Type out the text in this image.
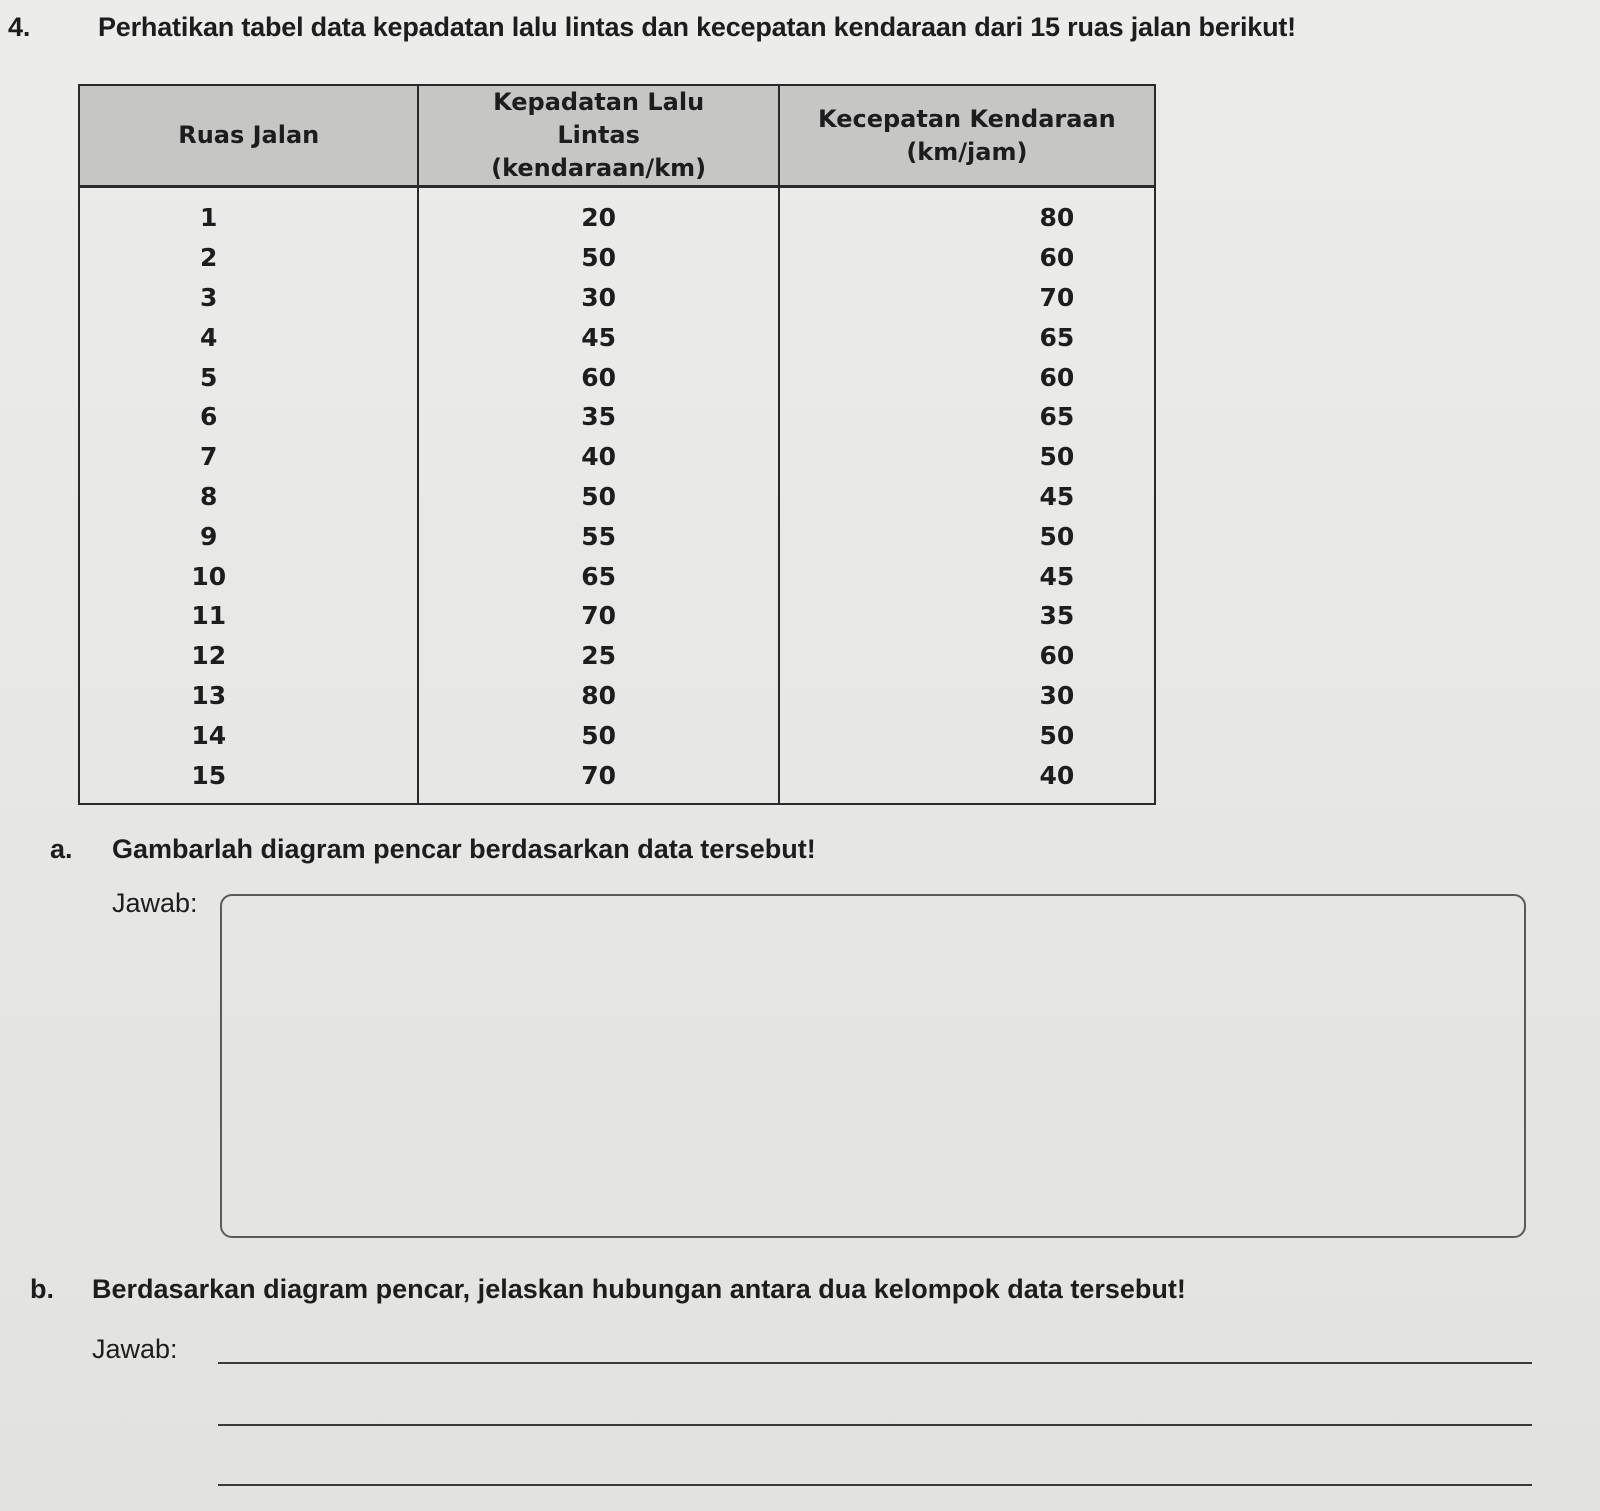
4.	Perhatikan tabel data kepadatan lalu lintas dan kecepatan kendaraan dari 15 ruas jalan berikut!
Ruas Jalan	Kepadatan Lalu Lintas (kendaraan/km)	Kecepatan Kendaraan (km/jam)
1	20	80
2	50	60
3	30	70
4	45	65
5	60	60
6	35	65
7	40	50
8	50	45
9	55	50
10	65	45
11	70	35
12	25	60
13	80	30
14	50	50
15	70	40
a. Gambarlah diagram pencar berdasarkan data tersebut!
Jawab:
b. Berdasarkan diagram pencar, jelaskan hubungan antara dua kelompok data tersebut!
Jawab:
